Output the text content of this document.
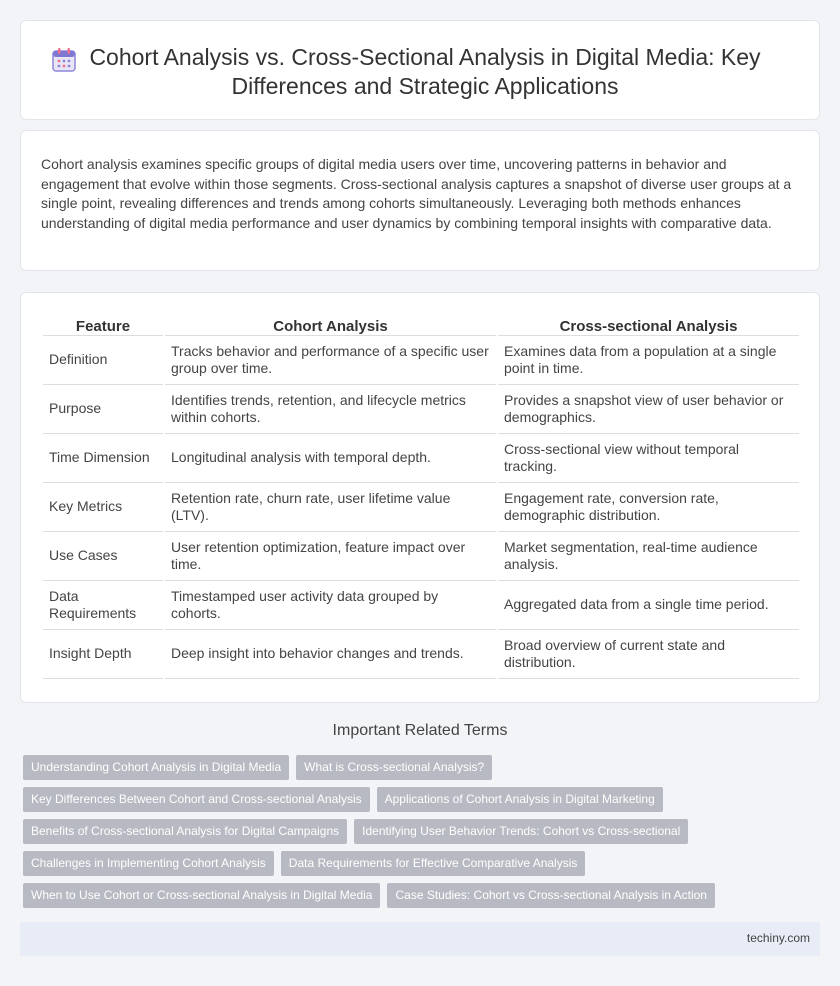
Cohort Analysis vs. Cross-Sectional Analysis in Digital Media: Key Differences and Strategic Applications

Cohort analysis examines specific groups of digital media users over time, uncovering patterns in behavior and engagement that evolve within those segments. Cross-sectional analysis captures a snapshot of diverse user groups at a single point, revealing differences and trends among cohorts simultaneously. Leveraging both methods enhances understanding of digital media performance and user dynamics by combining temporal insights with comparative data.

Feature	Cohort Analysis	Cross-sectional Analysis
Definition	Tracks behavior and performance of a specific user group over time.	Examines data from a population at a single point in time.
Purpose	Identifies trends, retention, and lifecycle metrics within cohorts.	Provides a snapshot view of user behavior or demographics.
Time Dimension	Longitudinal analysis with temporal depth.	Cross-sectional view without temporal tracking.
Key Metrics	Retention rate, churn rate, user lifetime value (LTV).	Engagement rate, conversion rate, demographic distribution.
Use Cases	User retention optimization, feature impact over time.	Market segmentation, real-time audience analysis.
Data Requirements	Timestamped user activity data grouped by cohorts.	Aggregated data from a single time period.
Insight Depth	Deep insight into behavior changes and trends.	Broad overview of current state and distribution.
Important Related Terms
Understanding Cohort Analysis in Digital Media	What is Cross-sectional Analysis?
Key Differences Between Cohort and Cross-sectional Analysis	Applications of Cohort Analysis in Digital Marketing
Benefits of Cross-sectional Analysis for Digital Campaigns	Identifying User Behavior Trends: Cohort vs Cross-sectional
Challenges in Implementing Cohort Analysis	Data Requirements for Effective Comparative Analysis
When to Use Cohort or Cross-sectional Analysis in Digital Media	Case Studies: Cohort vs Cross-sectional Analysis in Action
techiny.com
